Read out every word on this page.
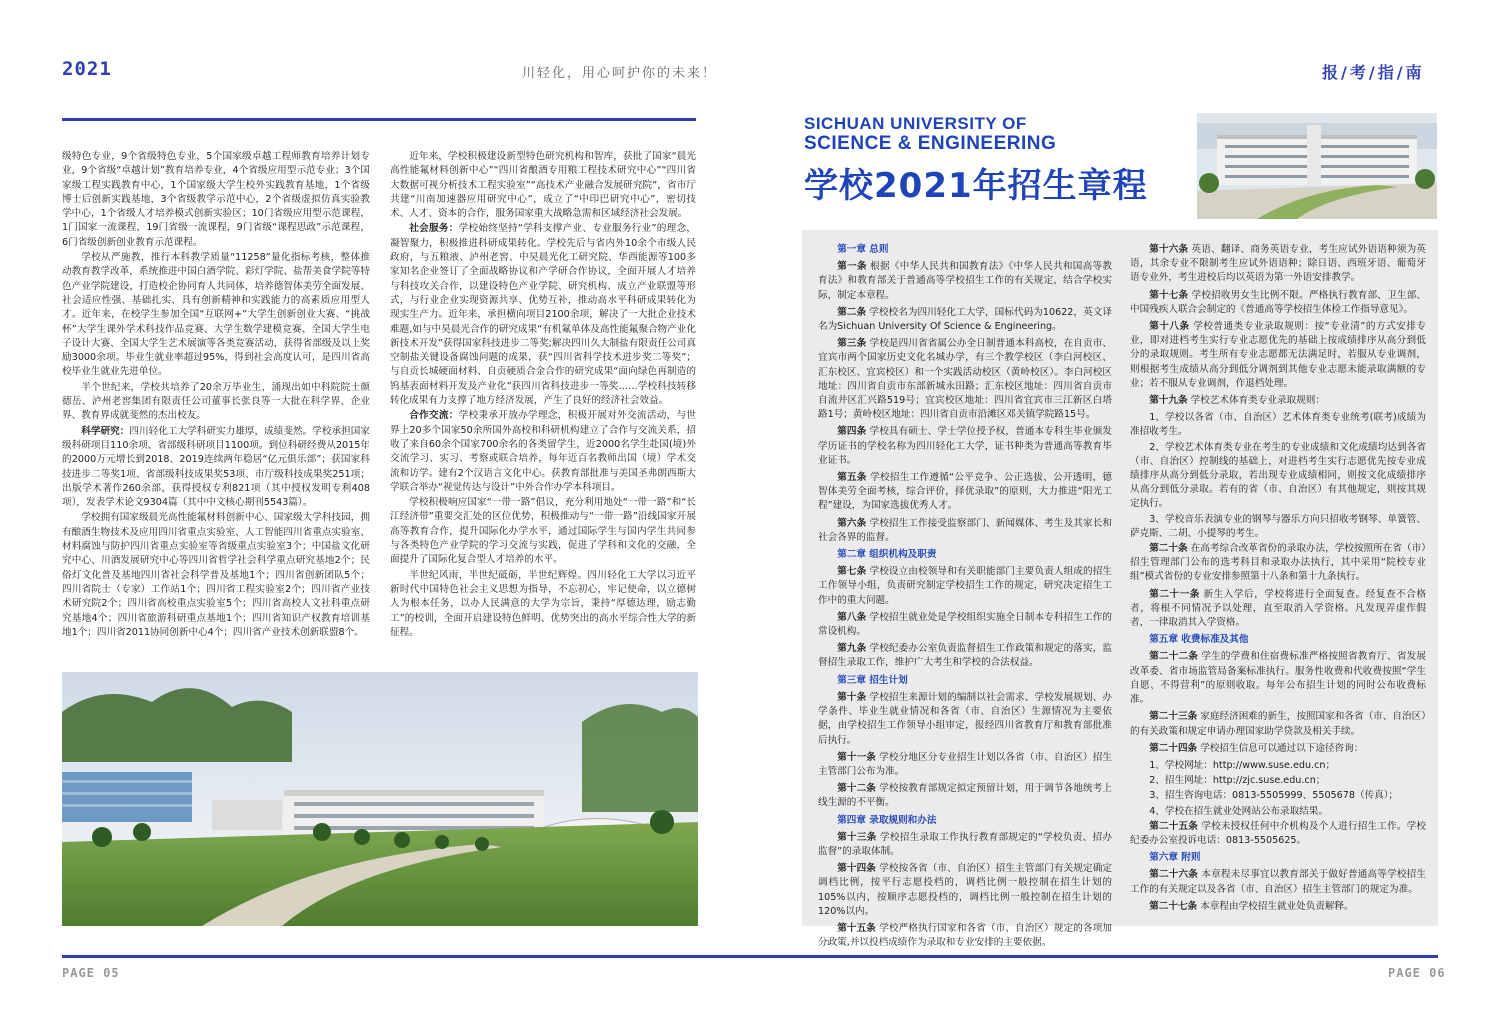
2021	川轻化，用心呵护你的未来！	报/考/指/南

级特色专业，9个省级特色专业，5个国家级卓越工程师教育培养计划专业，9个省级“卓越计划”教育培养专业，4个省级应用型示范专业；3个国家级工程实践教育中心，1个国家级大学生校外实践教育基地，1个省级博士后创新实践基地，3个省级教学示范中心，2个省级虚拟仿真实验教学中心，1个省级人才培养模式创新实验区；10门省级应用型示范课程，1门国家一流课程，19门省级一流课程，9门省级“课程思政”示范课程，6门省级创新创业教育示范课程。

学校从严施教，推行本科教学质量“11258”量化指标考核，整体推动教育教学改革，系统推进中国白酒学院、彩灯学院、盐帮美食学院等特色产业学院建设，打造校企协同育人共同体，培养德智体美劳全面发展、社会适应性强、基础扎实、具有创新精神和实践能力的高素质应用型人才。近年来，在校学生参加全国“互联网+”大学生创新创业大赛、“挑战杯”大学生课外学术科技作品竞赛、大学生数学建模竞赛、全国大学生电子设计大赛、全国大学生艺术展演等各类竞赛活动，获得省部级及以上奖励3000余项。毕业生就业率超过95%，得到社会高度认可，是四川省高校毕业生就业先进单位。

半个世纪来，学校共培养了20余万毕业生，涌现出如中科院院士颜德岳、泸州老窖集团有限责任公司董事长张良等一大批在科学界、企业界、教育界成就斐然的杰出校友。

科学研究：四川轻化工大学科研实力雄厚，成绩斐然。学校承担国家级科研项目110余项、省部级科研项目1100项。到位科研经费从2015年的2000万元增长到2018、2019连续两年稳居“亿元俱乐部”；获国家科技进步二等奖1项、省部级科技成果奖53项、市厅级科技成果奖251项；出版学术著作260余部，获得授权专利821项（其中授权发明专利408项），发表学术论文9304篇（其中中文核心期刊5543篇）。

学校拥有国家级晨光高性能氟材料创新中心、国家级大学科技园，拥有酿酒生物技术及应用四川省重点实验室、人工智能四川省重点实验室、材料腐蚀与防护四川省重点实验室等省级重点实验室3个；中国盐文化研究中心、川酒发展研究中心等四川省哲学社会科学重点研究基地2个；民俗灯文化普及基地四川省社会科学普及基地1个；四川省创新团队5个；四川省院士（专家）工作站1个；四川省工程实验室2个；四川省产业技术研究院2个；四川省高校重点实验室5个；四川省高校人文社科重点研究基地4个；四川省旅游科研重点基地1个；四川省知识产权教育培训基地1个；四川省2011协同创新中心4个；四川省产业技术创新联盟8个。

近年来，学校积极建设新型特色研究机构和智库，获批了国家“晨光高性能氟材料创新中心”“四川省酿酒专用粮工程技术研究中心”“四川省大数据可视分析技术工程实验室”“高技术产业融合发展研究院”，省市厅共建“川南加速器应用研究中心”，成立了“中印巴研究中心”，密切技术、人才、资本的合作，服务国家重大战略急需和区域经济社会发展。

社会服务：学校始终坚持“学科支撑产业、专业服务行业”的理念，凝智聚力，积极推进科研成果转化。学校先后与省内外10余个市级人民政府，与五粮液、泸州老窖、中昊晨光化工研究院、华西能源等100多家知名企业签订了全面战略协议和产学研合作协议，全面开展人才培养与科技攻关合作，以建设特色产业学院、研究机构、成立产业联盟等形式，与行业企业实现资源共享、优势互补，推动高水平科研成果转化为现实生产力。近年来，承担横向项目2100余项，解决了一大批企业技术难题,如与中昊晨光合作的研究成果“有机氟单体及高性能氟聚合物产业化新技术开发”获得国家科技进步二等奖;解决四川久大制盐有限责任公司真空制盐关键设备腐蚀问题的成果，获“四川省科学技术进步奖二等奖”；与自贡长城硬面材料、自贡硬质合金合作的研究成果“面向绿色再制造的钨基表面材料开发及产业化”获四川省科技进步一等奖……学校科技转移转化成果有力支撑了地方经济发展，产生了良好的经济社会效益。

合作交流：学校秉承开放办学理念，积极开展对外交流活动，与世界上20多个国家50余所国外高校和科研机构建立了合作与交流关系，招收了来自60余个国家700余名的各类留学生，近2000名学生赴国(境)外交流学习、实习、考察或联合培养，每年近百名教师出国（境）学术交流和访学。建有2个汉语言文化中心。获教育部批准与美国圣弗朗西斯大学联合举办“视觉传达与设计”中外合作办学本科项目。

学校积极响应国家“一带一路”倡议，充分利用地处“一带一路”和“长江经济带”重要交汇处的区位优势，积极推动与“一带一路”沿线国家开展高等教育合作，提升国际化办学水平，通过国际学生与国内学生共同参与各类特色产业学院的学习交流与实践，促进了学科和文化的交融，全面提升了国际化复合型人才培养的水平。

半世纪风雨，半世纪砥砺，半世纪辉煌。四川轻化工大学以习近平新时代中国特色社会主义思想为指导，不忘初心，牢记使命，以立德树人为根本任务，以办人民满意的大学为宗旨，秉持“厚德达理，励志勤工”的校训，全面开启建设特色鲜明、优势突出的高水平综合性大学的新征程。

SICHUAN UNIVERSITY OF
SCIENCE & ENGINEERING
学校2021年招生章程

第一章 总则

第一条 根据《中华人民共和国教育法》《中华人民共和国高等教育法》和教育部关于普通高等学校招生工作的有关规定，结合学校实际，制定本章程。

第二条 学校校名为四川轻化工大学，国标代码为10622，英文译名为Sichuan University Of Science & Engineering。

第三条 学校是四川省省属公办全日制普通本科高校，在自贡市、宜宾市两个国家历史文化名城办学，有三个教学校区（李白河校区、汇东校区、宜宾校区）和一个实践活动校区（黄岭校区）。李白河校区地址：四川省自贡市东部新城永田路；汇东校区地址：四川省自贡市自流井区汇兴路519号；宜宾校区地址：四川省宜宾市三江新区白塔路1号；黄岭校区地址：四川省自贡市沿滩区邓关镇学院路15号。

第四条 学校具有硕士、学士学位授予权，普通本专科生毕业颁发学历证书的学校名称为四川轻化工大学，证书种类为普通高等教育毕业证书。

第五条 学校招生工作遵循“公平竞争、公正选拔、公开透明，德智体美劳全面考核，综合评价，择优录取”的原则，大力推进“阳光工程”建设，为国家选拔优秀人才。

第六条 学校招生工作接受监察部门、新闻媒体、考生及其家长和社会各界的监督。

第二章 组织机构及职责

第七条 学校设立由校领导和有关职能部门主要负责人组成的招生工作领导小组，负责研究制定学校招生工作的规定，研究决定招生工作中的重大问题。

第八条 学校招生就业处是学校组织实施全日制本专科招生工作的常设机构。

第九条 学校纪委办公室负责监督招生工作政策和规定的落实，监督招生录取工作，维护广大考生和学校的合法权益。

第三章 招生计划

第十条 学校招生来源计划的编制以社会需求、学校发展规划、办学条件、毕业生就业情况和各省（市、自治区）生源情况为主要依据，由学校招生工作领导小组审定，报经四川省教育厅和教育部批准后执行。

第十一条 学校分地区分专业招生计划以各省（市、自治区）招生主管部门公布为准。

第十二条 学校按教育部规定拟定预留计划，用于调节各地统考上线生源的不平衡。

第四章 录取规则和办法

第十三条 学校招生录取工作执行教育部规定的“学校负责、招办监督”的录取体制。

第十四条 学校按各省（市、自治区）招生主管部门有关规定确定调档比例，按平行志愿投档的，调档比例一般控制在招生计划的105%以内，按顺序志愿投档的，调档比例一般控制在招生计划的120%以内。

第十五条 学校严格执行国家和各省（市、自治区）规定的各项加分政策,并以投档成绩作为录取和专业安排的主要依据。

第十六条 英语、翻译、商务英语专业，考生应试外语语种须为英语，其余专业不限制考生应试外语语种；除日语、西班牙语、葡萄牙语专业外，考生进校后均以英语为第一外语安排教学。

第十七条 学校招收男女生比例不限。严格执行教育部、卫生部、中国残疾人联合会制定的《普通高等学校招生体检工作指导意见》。

第十八条 学校普通类专业录取规则：按“专业清”的方式安排专业，即对进档考生实行专业志愿优先的基础上按成绩排序从高分到低分的录取规则。考生所有专业志愿都无法满足时，若服从专业调剂，则根据考生成绩从高分到低分调剂到其他专业志愿未能录取满额的专业；若不服从专业调剂，作退档处理。

第十九条 学校艺术体育类专业录取规则：

1、学校以各省（市、自治区）艺术体育类专业统考(联考)成绩为准招收考生。

2、学校艺术体育类专业在考生的专业成绩和文化成绩均达到各省（市、自治区）控制线的基础上，对进档考生实行志愿优先按专业成绩排序从高分到低分录取，若出现专业成绩相同，则按文化成绩排序从高分到低分录取。若有的省（市、自治区）有其他规定，则按其规定执行。

3、学校音乐表演专业的钢琴与器乐方向只招收考钢琴、单簧管、萨克斯、二胡、小提琴的考生。

第二十条 在高考综合改革省份的录取办法，学校按照所在省（市）招生管理部门公布的选考科目和录取办法执行，其中采用“院校专业组”模式省份的专业安排参照第十八条和第十九条执行。

第二十一条 新生入学后，学校将进行全面复查。经复查不合格者，将根不同情况予以处理，直至取消入学资格。凡发现弄虚作假者，一律取消其入学资格。

第五章 收费标准及其他

第二十二条 学生的学费和住宿费标准严格按照省教育厅、省发展改革委、省市场监管局备案标准执行。服务性收费和代收费按照“学生自愿、不得营利”的原则收取。每年公布招生计划的同时公布收费标准。

第二十三条 家庭经济困难的新生，按照国家和各省（市、自治区）的有关政策和规定申请办理国家助学贷款及相关手续。

第二十四条 学校招生信息可以通过以下途径咨询：

1、学校网址：http://www.suse.edu.cn；

2、招生网址：http://zjc.suse.edu.cn；

3、招生咨询电话：0813-5505999、5505678（传真）；

4、学校在招生就业处网站公布录取结果。

第二十五条 学校未授权任何中介机构及个人进行招生工作。学校纪委办公室投诉电话：0813-5505625。

第六章 附则

第二十六条 本章程未尽事宜以教育部关于做好普通高等学校招生工作的有关规定以及各省（市、自治区）招生主管部门的规定为准。

第二十七条 本章程由学校招生就业处负责解释。

PAGE 05	PAGE 06
